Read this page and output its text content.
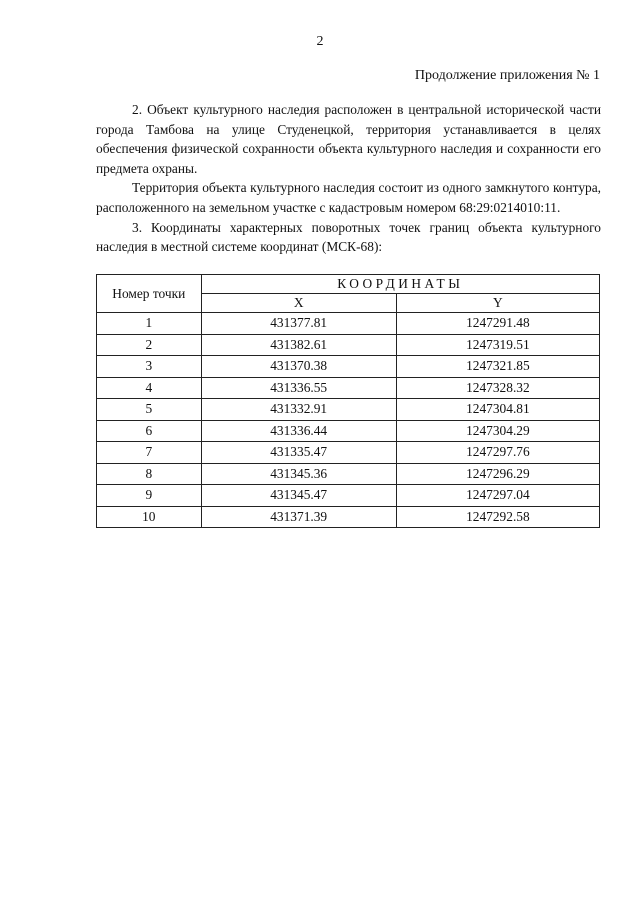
2
Продолжение приложения № 1

2. Объект культурного наследия расположен в центральной исторической части города Тамбова на улице Студенецкой, территория устанавливается в целях обеспечения физической сохранности объекта культурного наследия и сохранности его предмета охраны.

Территория объекта культурного наследия состоит из одного замкнутого контура, расположенного на земельном участке с кадастровым номером 68:29:0214010:11.

3. Координаты характерных поворотных точек границ объекта культурного наследия в местной системе координат (МСК-68):

Номер точки	КООРДИНАТЫ	
	X	Y
1	431377.81	1247291.48
2	431382.61	1247319.51
3	431370.38	1247321.85
4	431336.55	1247328.32
5	431332.91	1247304.81
6	431336.44	1247304.29
7	431335.47	1247297.76
8	431345.36	1247296.29
9	431345.47	1247297.04
10	431371.39	1247292.58
